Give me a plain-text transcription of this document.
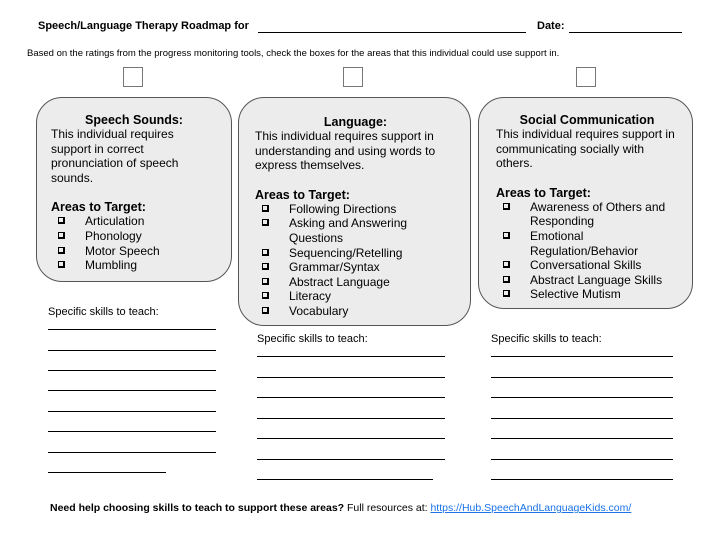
Speech/Language Therapy Roadmap for	Date:
Based on the ratings from the progress monitoring tools, check the boxes for the areas that this individual could use support in.
Speech Sounds:
This individual requires support in correct pronunciation of speech sounds.
Areas to Target:
Articulation
Phonology
Motor Speech
Mumbling
Language:
This individual requires support in understanding and using words to express themselves.
Areas to Target:
Following Directions
Asking and Answering Questions
Sequencing/Retelling
Grammar/Syntax
Abstract Language
Literacy
Vocabulary
Social Communication
This individual requires support in communicating socially with others.
Areas to Target:
Awareness of Others and Responding
Emotional Regulation/Behavior
Conversational Skills
Abstract Language Skills
Selective Mutism
Specific skills to teach:
Specific skills to teach:	Specific skills to teach:
Need help choosing skills to teach to support these areas? Full resources at: https://Hub.SpeechAndLanguageKids.com/
